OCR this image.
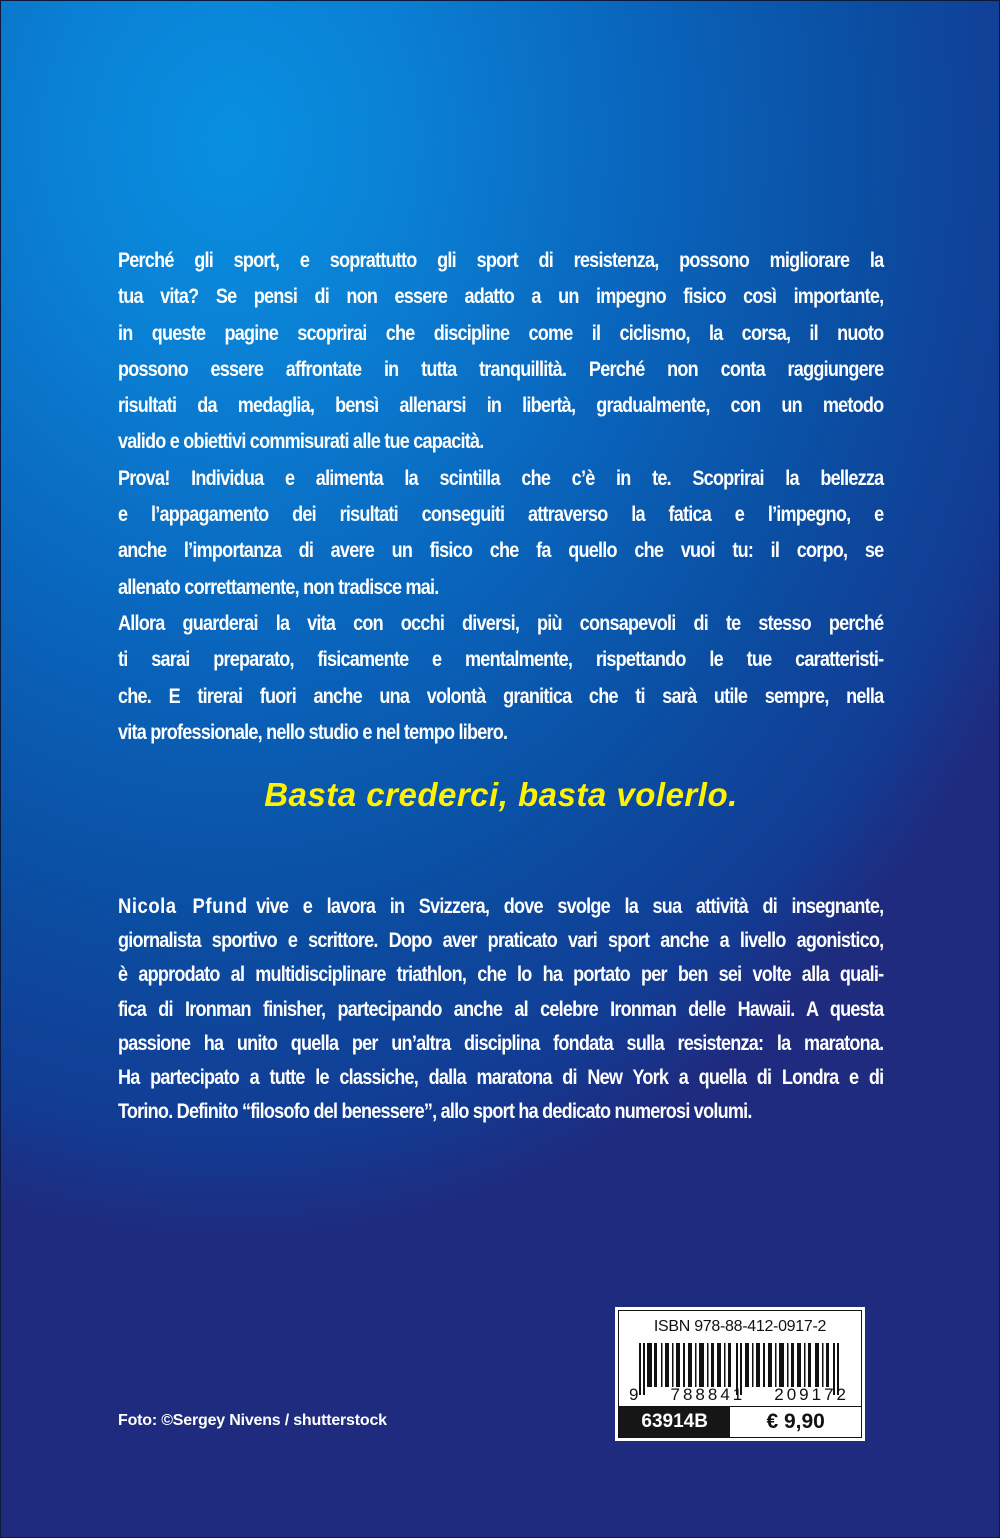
Perché gli sport, e soprattutto gli sport di resistenza, possono migliorare la
tua vita? Se pensi di non essere adatto a un impegno fisico così importante,
in queste pagine scoprirai che discipline come il ciclismo, la corsa, il nuoto
possono essere affrontate in tutta tranquillità. Perché non conta raggiungere
risultati da medaglia, bensì allenarsi in libertà, gradualmente, con un metodo
valido e obiettivi commisurati alle tue capacità.

Prova! Individua e alimenta la scintilla che c’è in te. Scoprirai la bellezza
e l’appagamento dei risultati conseguiti attraverso la fatica e l’impegno, e
anche l’importanza di avere un fisico che fa quello che vuoi tu: il corpo, se
allenato correttamente, non tradisce mai.

Allora guarderai la vita con occhi diversi, più consapevoli di te stesso perché
ti sarai preparato, fisicamente e mentalmente, rispettando le tue caratteristi-
che. E tirerai fuori anche una volontà granitica che ti sarà utile sempre, nella
vita professionale, nello studio e nel tempo libero.

Basta crederci, basta volerlo.
Nicola Pfund vive e lavora in Svizzera, dove svolge la sua attività di insegnante,
giornalista sportivo e scrittore. Dopo aver praticato vari sport anche a livello agonistico,
è approdato al multidisciplinare triathlon, che lo ha portato per ben sei volte alla quali-
fica di Ironman finisher, partecipando anche al celebre Ironman delle Hawaii. A questa
passione ha unito quella per un’altra disciplina fondata sulla resistenza: la maratona.
Ha partecipato a tutte le classiche, dalla maratona di New York a quella di Londra e di
Torino. Definito “filosofo del benessere”, allo sport ha dedicato numerosi volumi.
Foto: ©Sergey Nivens / shutterstock
ISBN 978-88-412-0917-2
9 788841 209172
63914B	€ 9,90
